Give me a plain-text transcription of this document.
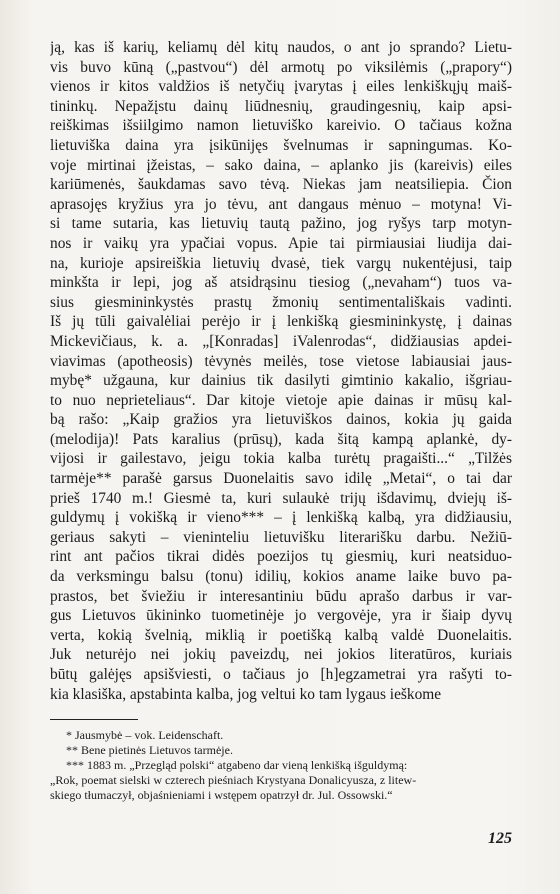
ją, kas iš karių, keliamų dėl kitų naudos, o ant jo sprando? Lietu-
vis buvo kūną („pastvou“) dėl armotų po viksilėmis („prapory“)
vienos ir kitos valdžios iš netyčių įvarytas į eiles lenkiškųjų maiš-
tininkų. Nepažįstu dainų liūdnesnių, graudingesnių, kaip apsi-
reiškimas išsiilgimo namon lietuviško kareivio. O tačiaus kožna
lietuviška daina yra įsikūnijęs švelnumas ir sapningumas. Ko-
voje mirtinai įžeistas, – sako daina, – aplanko jis (kareivis) eiles
kariūmenės, šaukdamas savo tėvą. Niekas jam neatsiliepia. Čion
aprasojęs kryžius yra jo tėvu, ant dangaus mėnuo – motyna! Vi-
si tame sutaria, kas lietuvių tautą pažino, jog ryšys tarp motyn-
nos ir vaikų yra ypačiai vopus. Apie tai pirmiausiai liudija dai-
na, kurioje apsireiškia lietuvių dvasė, tiek vargų nukentėjusi, taip
minkšta ir lepi, jog aš atsidrąsinu tiesiog („nevaham“) tuos va-
sius giesmininkystės prastų žmonių sentimentališkais vadinti.
Iš jų tūli gaivalėliai perėjo ir į lenkišką giesmininkystę, į dainas
Mickevičiaus, k. a. „[Konradas] iValenrodas“, didžiausias apdei-
viavimas (apotheosis) tėvynės meilės, tose vietose labiausiai jaus-
mybę* užgauna, kur dainius tik dasilyti gimtinio kakalio, išgriau-
to nuo neprieteliaus“. Dar kitoje vietoje apie dainas ir mūsų kal-
bą rašo: „Kaip gražios yra lietuviškos dainos, kokia jų gaida
(melodija)! Pats karalius (prūsų), kada šitą kampą aplankė, dy-
vijosi ir gailestavo, jeigu tokia kalba turėtų pragaišti...“ „Tilžės
tarmėje** parašė garsus Duonelaitis savo idilę „Metai“, o tai dar
prieš 1740 m.! Giesmė ta, kuri sulaukė trijų išdavimų, dviejų iš-
guldymų į vokišką ir vieno*** – į lenkišką kalbą, yra didžiausiu,
geriaus sakyti – vieninteliu lietuvišku literarišku darbu. Nežiū-
rint ant pačios tikrai didės poezijos tų giesmių, kuri neatsiduo-
da verksmingu balsu (tonu) idilių, kokios aname laike buvo pa-
prastos, bet šviežiu ir interesantiniu būdu aprašo darbus ir var-
gus Lietuvos ūkininko tuometinėje jo vergovėje, yra ir šiaip dyvų
verta, kokią švelnią, miklią ir poetišką kalbą valdė Duonelaitis.
Juk neturėjo nei jokių paveizdų, nei jokios literatūros, kuriais
būtų galėjęs apsišviesti, o tačiaus jo [h]egzametrai yra rašyti to-
kia klasiška, apstabinta kalba, jog veltui ko tam lygaus ieškome
* Jausmybė – vok. Leidenschaft.
** Bene pietinės Lietuvos tarmėje.
*** 1883 m. „Przegląd polski“ atgabeno dar vieną lenkišką išguldymą:
„Rok, poemat sielski w czterech pieśniach Krystyana Donalicyusza, z litew-
skiego tłumaczył, objaśnieniami i wstępem opatrzył dr. Jul. Ossowski.“
125
